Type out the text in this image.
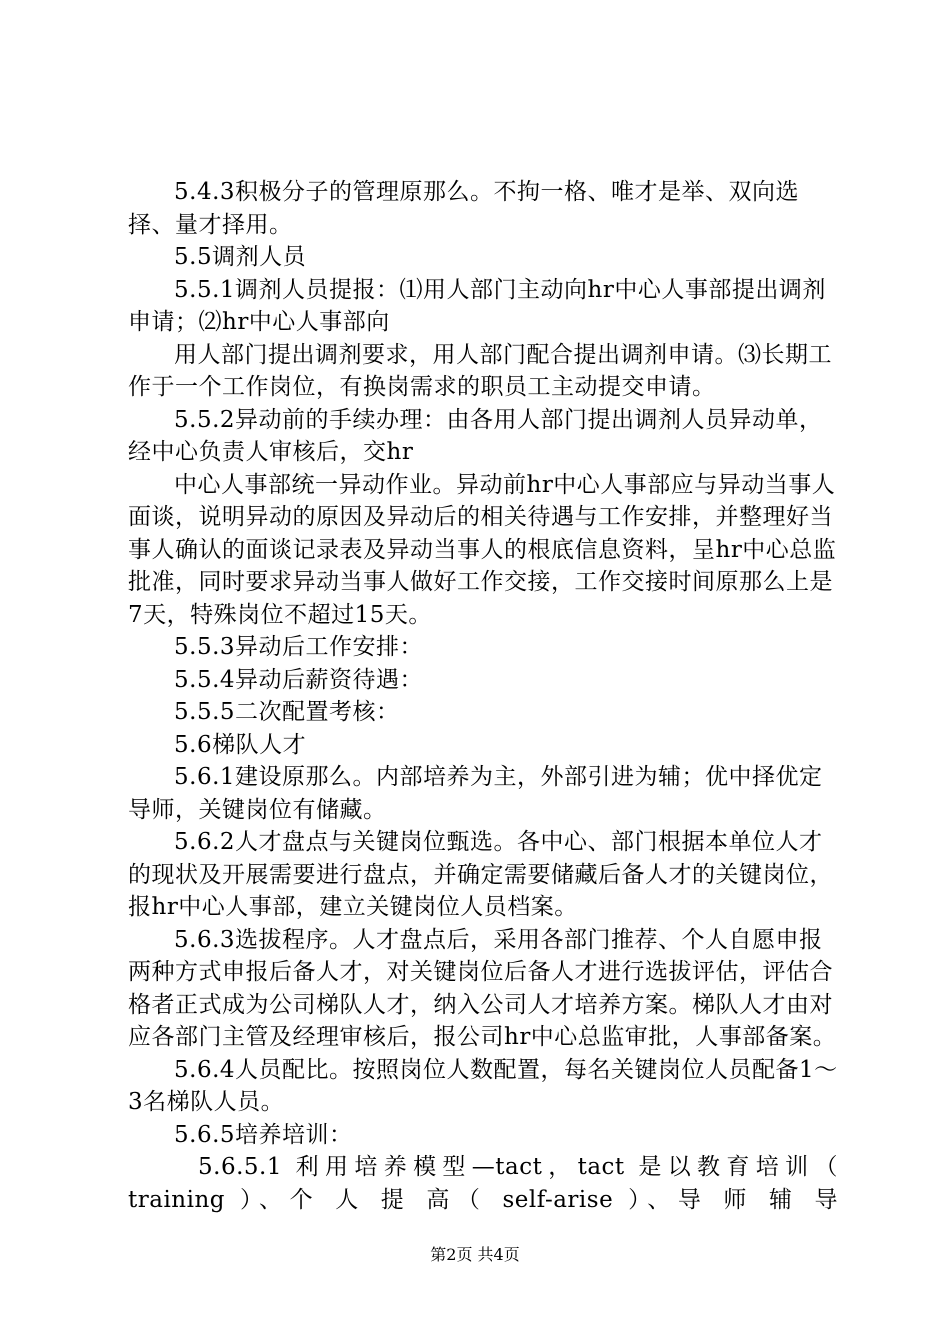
5.4.3积极分子的管理原那么。不拘一格、唯才是举、双向选择、量才择用。

5.5调剂人员

5.5.1调剂人员提报：⑴用人部门主动向hr中心人事部提出调剂申请；⑵hr中心人事部向

用人部门提出调剂要求，用人部门配合提出调剂申请。⑶长期工作于一个工作岗位，有换岗需求的职员工主动提交申请。

5.5.2异动前的手续办理：由各用人部门提出调剂人员异动单，经中心负责人审核后，交hr

中心人事部统一异动作业。异动前hr中心人事部应与异动当事人面谈，说明异动的原因及异动后的相关待遇与工作安排，并整理好当事人确认的面谈记录表及异动当事人的根底信息资料，呈hr中心总监批准，同时要求异动当事人做好工作交接，工作交接时间原那么上是7天，特殊岗位不超过15天。

5.5.3异动后工作安排：

5.5.4异动后薪资待遇：

5.5.5二次配置考核：

5.6梯队人才

5.6.1建设原那么。内部培养为主，外部引进为辅；优中择优定导师，关键岗位有储藏。

5.6.2人才盘点与关键岗位甄选。各中心、部门根据本单位人才的现状及开展需要进行盘点，并确定需要储藏后备人才的关键岗位，报hr中心人事部，建立关键岗位人员档案。

5.6.3选拔程序。人才盘点后，采用各部门推荐、个人自愿申报两种方式申报后备人才，对关键岗位后备人才进行选拔评估，评估合格者正式成为公司梯队人才，纳入公司人才培养方案。梯队人才由对应各部门主管及经理审核后，报公司hr中心总监审批，人事部备案。

5.6.4人员配比。按照岗位人数配置，每名关键岗位人员配备1～3名梯队人员。

5.6.5培养培训：

5.6.5.1 利用培养模型—tact，tact 是以教育培训（ training ）、个 人 提 高（ self-arise ）、导 师 辅 导

第2页 共4页
